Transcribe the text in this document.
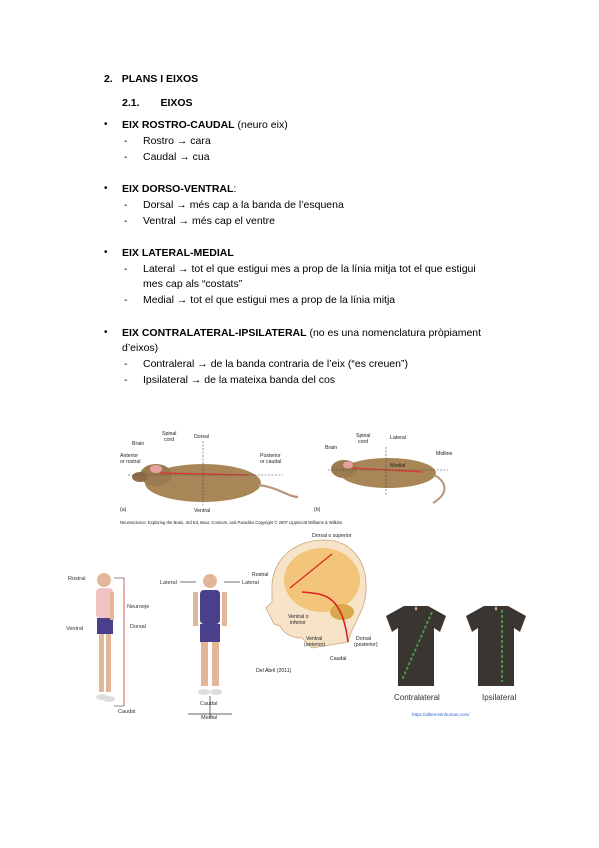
2. PLANS I EIXOS
2.1. EIXOS
• EIX ROSTRO-CAUDAL (neuro eix)
- Rostro → cara
- Caudal → cua
• EIX DORSO-VENTRAL:
- Dorsal → més cap a la banda de l’esquena
- Ventral → més cap el ventre
• EIX LATERAL-MEDIAL
- Lateral → tot el que estigui mes a prop de la línia mitja tot el que estigui
mes cap als “costats”
- Medial → tot el que estigui mes a prop de la línia mitja
• EIX CONTRALATERAL-IPSILATERAL (no es una nomenclatura pròpiament
d’eixos)
- Contraleral → de la banda contraria de l’eix (“es creuen”)
- Ipsilateral → de la mateixa banda del cos
Brain
Spinal
cord	Dorsal
Anterior
or rostral
Posterior
or caudal
Ventral
(a)
Spinal
cord
Lateral
Brain
Medial
Midline
(b)
Neuroscience: Exploring the Brain, 3rd Ed, Bear, Connors, and Paradiso Copyright © 2007 Lippincott Williams & Wilkins
Rostral
Neuroeje
Ventral	Dorsal
Caudal
Lateral	Lateral
Caudal
Medial
Dorsal o superior
Rostral
Ventral o
inferior
Ventral
(anterior)
Dorsal
(posterior)
Caudal
Del Abril (2011)
Contralateral	Ipsilateral
https://alltermsinhuman.com/
